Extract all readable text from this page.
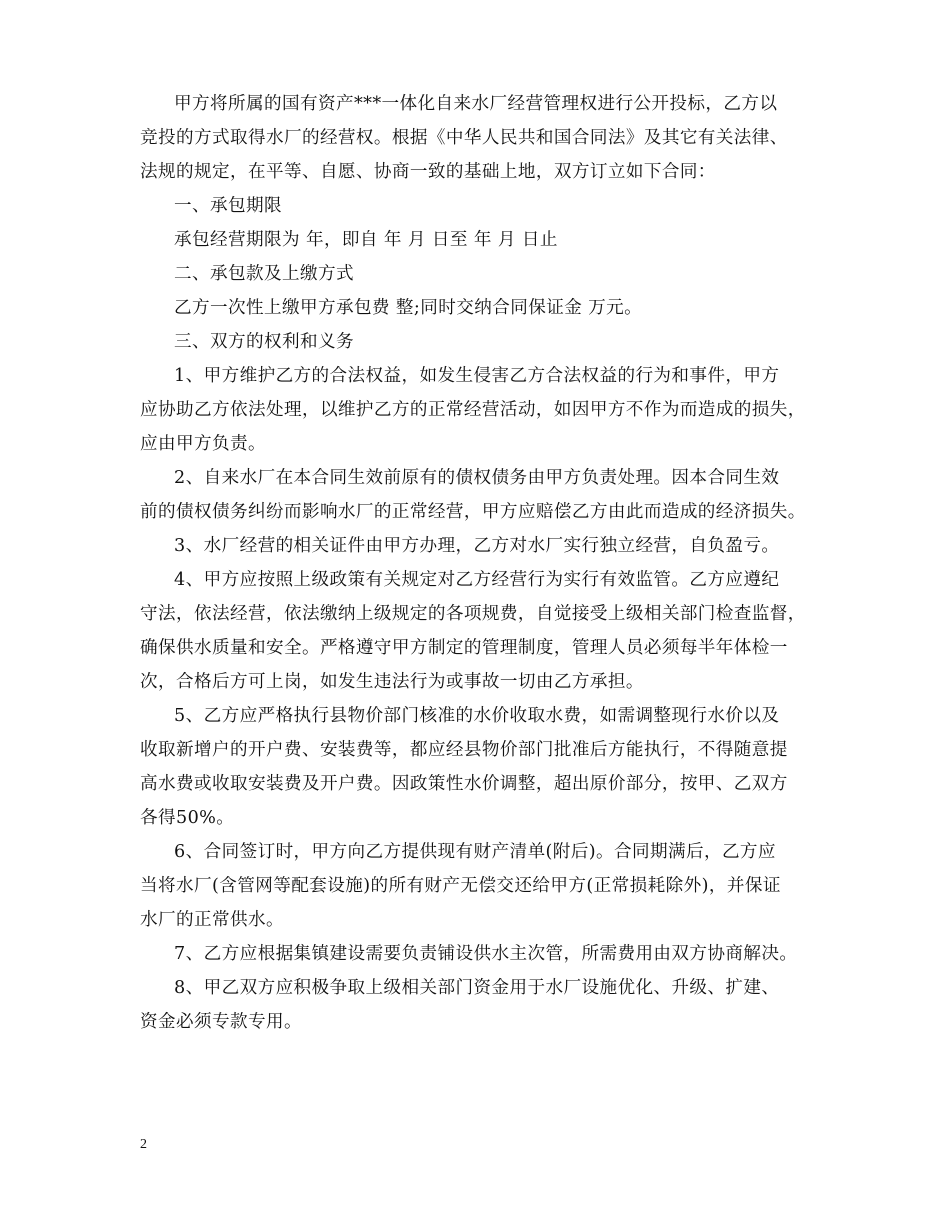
甲方将所属的国有资产***一体化自来水厂经营管理权进行公开投标，乙方以
竞投的方式取得水厂的经营权。根据《中华人民共和国合同法》及其它有关法律、
法规的规定，在平等、自愿、协商一致的基础上地，双方订立如下合同：
一、承包期限
承包经营期限为 年，即自 年 月 日至 年 月 日止
二、承包款及上缴方式
乙方一次性上缴甲方承包费 整;同时交纳合同保证金 万元。
三、双方的权利和义务
1、甲方维护乙方的合法权益，如发生侵害乙方合法权益的行为和事件，甲方
应协助乙方依法处理，以维护乙方的正常经营活动，如因甲方不作为而造成的损失，
应由甲方负责。
2、自来水厂在本合同生效前原有的债权债务由甲方负责处理。因本合同生效
前的债权债务纠纷而影响水厂的正常经营，甲方应赔偿乙方由此而造成的经济损失。
3、水厂经营的相关证件由甲方办理，乙方对水厂实行独立经营，自负盈亏。
4、甲方应按照上级政策有关规定对乙方经营行为实行有效监管。乙方应遵纪
守法，依法经营，依法缴纳上级规定的各项规费，自觉接受上级相关部门检查监督，
确保供水质量和安全。严格遵守甲方制定的管理制度，管理人员必须每半年体检一
次，合格后方可上岗，如发生违法行为或事故一切由乙方承担。
5、乙方应严格执行县物价部门核准的水价收取水费，如需调整现行水价以及
收取新增户的开户费、安装费等，都应经县物价部门批准后方能执行，不得随意提
高水费或收取安装费及开户费。因政策性水价调整，超出原价部分，按甲、乙双方
各得50%。
6、合同签订时，甲方向乙方提供现有财产清单(附后)。合同期满后，乙方应
当将水厂(含管网等配套设施)的所有财产无偿交还给甲方(正常损耗除外)，并保证
水厂的正常供水。
7、乙方应根据集镇建设需要负责铺设供水主次管，所需费用由双方协商解决。
8、甲乙双方应积极争取上级相关部门资金用于水厂设施优化、升级、扩建、
资金必须专款专用。
2
